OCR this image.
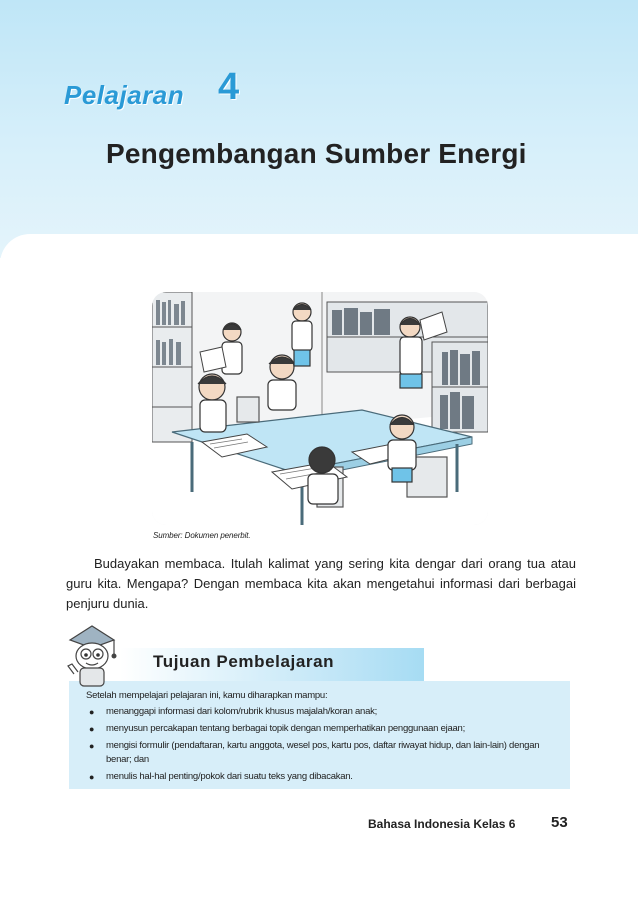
Pelajaran 4
Pengembangan Sumber Energi
Sumber: Dokumen penerbit.

Budayakan membaca. Itulah kalimat yang sering kita dengar dari orang tua atau guru kita. Mengapa? Dengan membaca kita akan mengetahui informasi dari berbagai penjuru dunia.

Tujuan Pembelajaran
Setelah mempelajari pelajaran ini, kamu diharapkan mampu:
● menanggapi informasi dari kolom/rubrik khusus majalah/koran anak;
● menyusun percakapan tentang berbagai topik dengan memperhatikan penggunaan ejaan;
● mengisi formulir (pendaftaran, kartu anggota, wesel pos, kartu pos, daftar riwayat hidup, dan lain-lain) dengan benar; dan
● menulis hal-hal penting/pokok dari suatu teks yang dibacakan.
Bahasa Indonesia Kelas 6 53
